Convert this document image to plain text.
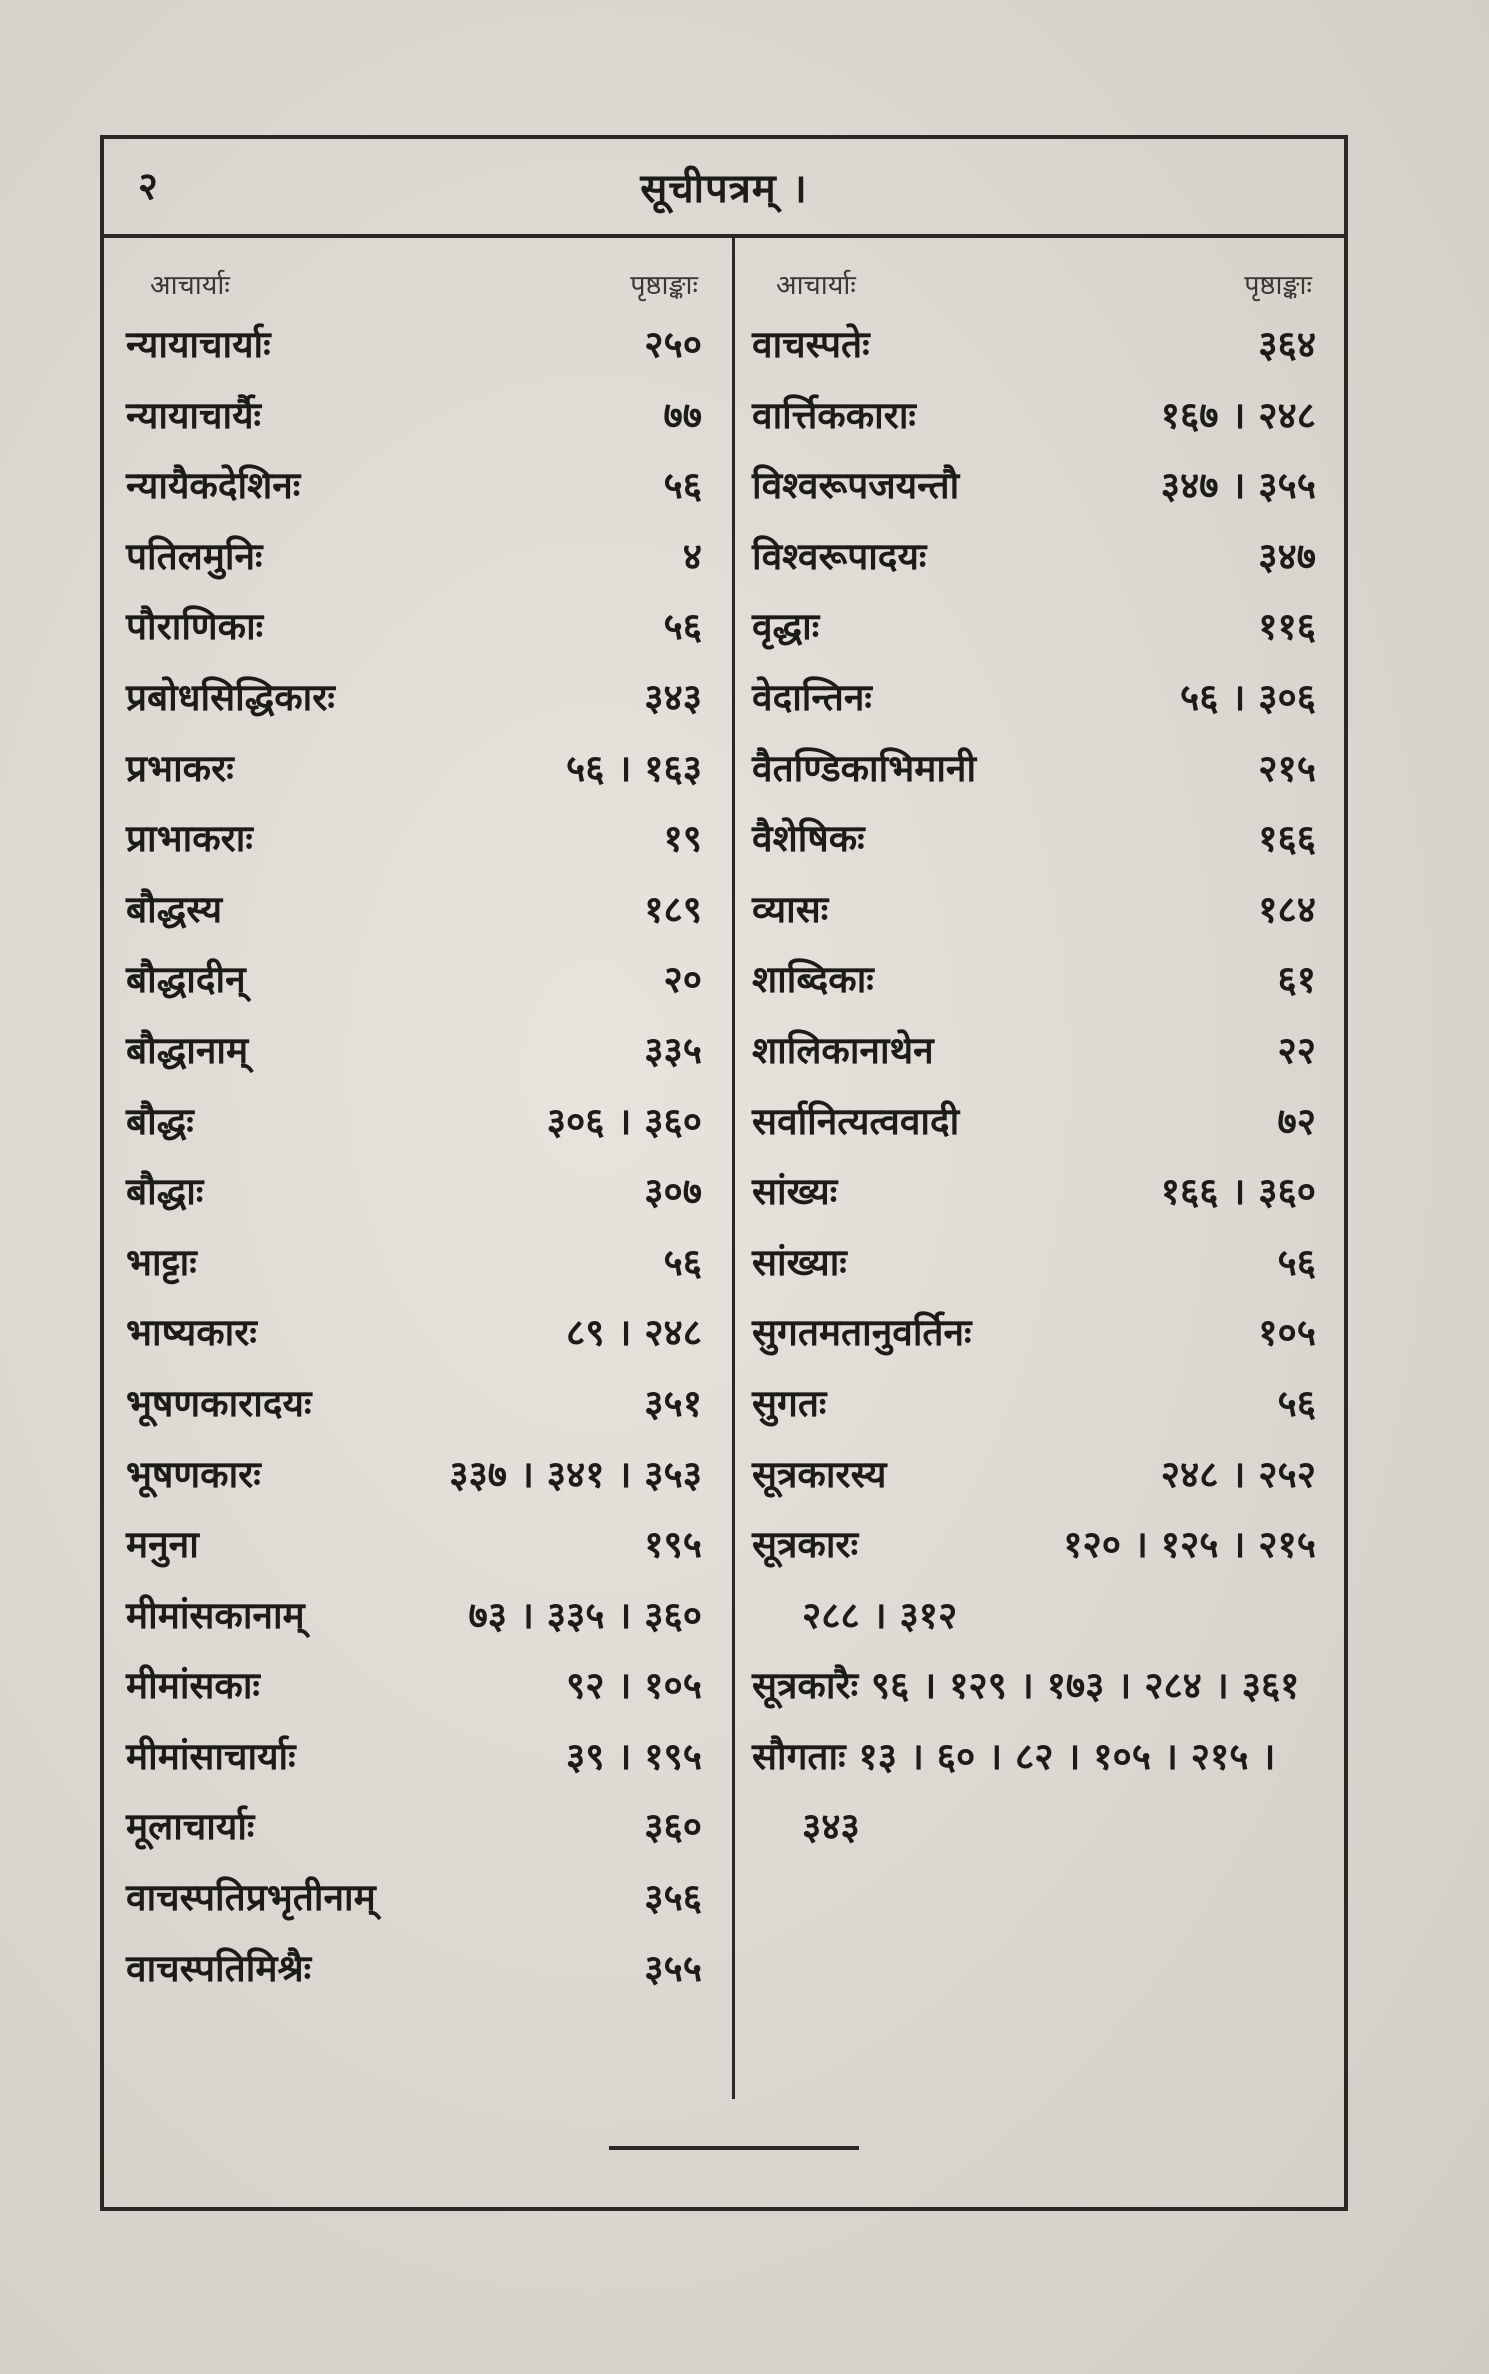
२	सूचीपत्रम् ।
आचार्याः	पृष्ठाङ्काः
न्यायाचार्याः	२५०
न्यायाचार्यैः	७७
न्यायैकदेशिनः	५६
पतिलमुनिः	४
पौराणिकाः	५६
प्रबोधसिद्धिकारः	३४३
प्रभाकरः	५६ । १६३
प्राभाकराः	१९
बौद्धस्य	१८९
बौद्धादीन्	२०
बौद्धानाम्	३३५
बौद्धः	३०६ । ३६०
बौद्धाः	३०७
भाट्टाः	५६
भाष्यकारः	८९ । २४८
भूषणकारादयः	३५१
भूषणकारः	३३७ । ३४१ । ३५३
मनुना	१९५
मीमांसकानाम्	७३ । ३३५ । ३६०
मीमांसकाः	९२ । १०५
मीमांसाचार्याः	३९ । १९५
मूलाचार्याः	३६०
वाचस्पतिप्रभृतीनाम्	३५६
वाचस्पतिमिश्रैः	३५५
आचार्याः	पृष्ठाङ्काः
वाचस्पतेः	३६४
वार्त्तिककाराः	१६७ । २४८
विश्वरूपजयन्तौ	३४७ । ३५५
विश्वरूपादयः	३४७
वृद्धाः	११६
वेदान्तिनः	५६ । ३०६
वैतण्डिकाभिमानी	२१५
वैशेषिकः	१६६
व्यासः	१८४
शाब्दिकाः	६१
शालिकानाथेन	२२
सर्वानित्यत्ववादी	७२
सांख्यः	१६६ । ३६०
सांख्याः	५६
सुगतमतानुवर्तिनः	१०५
सुगतः	५६
सूत्रकारस्य	२४८ । २५२
सूत्रकारः	१२० । १२५ । २१५
२८८ । ३१२
सूत्रकारैः ९६ । १२९ । १७३ । २८४ । ३६१
सौगताः १३ । ६० । ८२ । १०५ । २१५ ।
३४३
